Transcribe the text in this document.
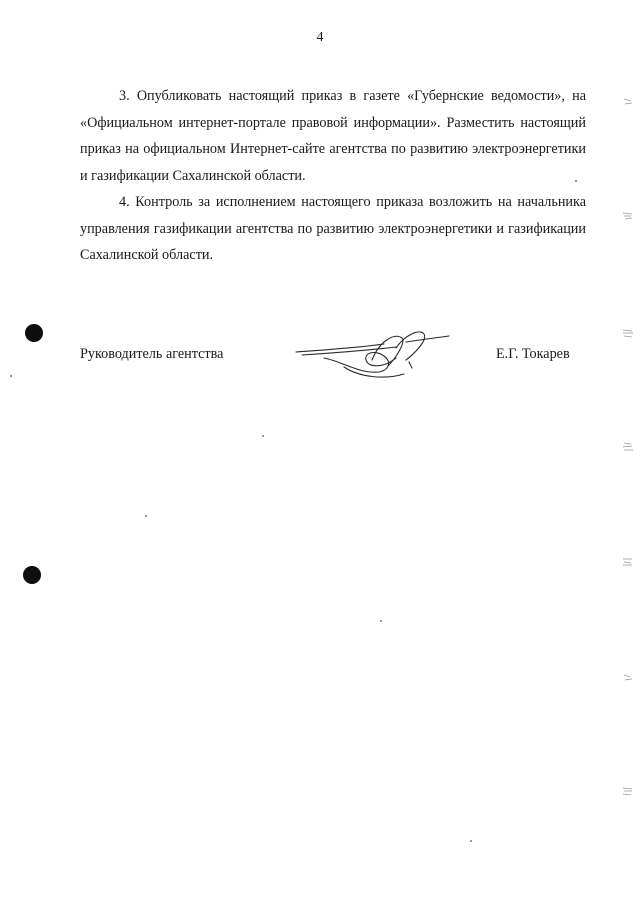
4

3. Опубликовать настоящий приказ в газете «Губернские ведомости», на «Официальном интернет-портале правовой информации». Разместить настоящий приказ на официальном Интернет-сайте агентства по развитию электроэнергетики и газификации Сахалинской области.

4. Контроль за исполнением настоящего приказа возложить на начальника управления газификации агентства по развитию электроэнергетики и газификации Сахалинской области.

Руководитель агентства	Е.Г. Токарев
